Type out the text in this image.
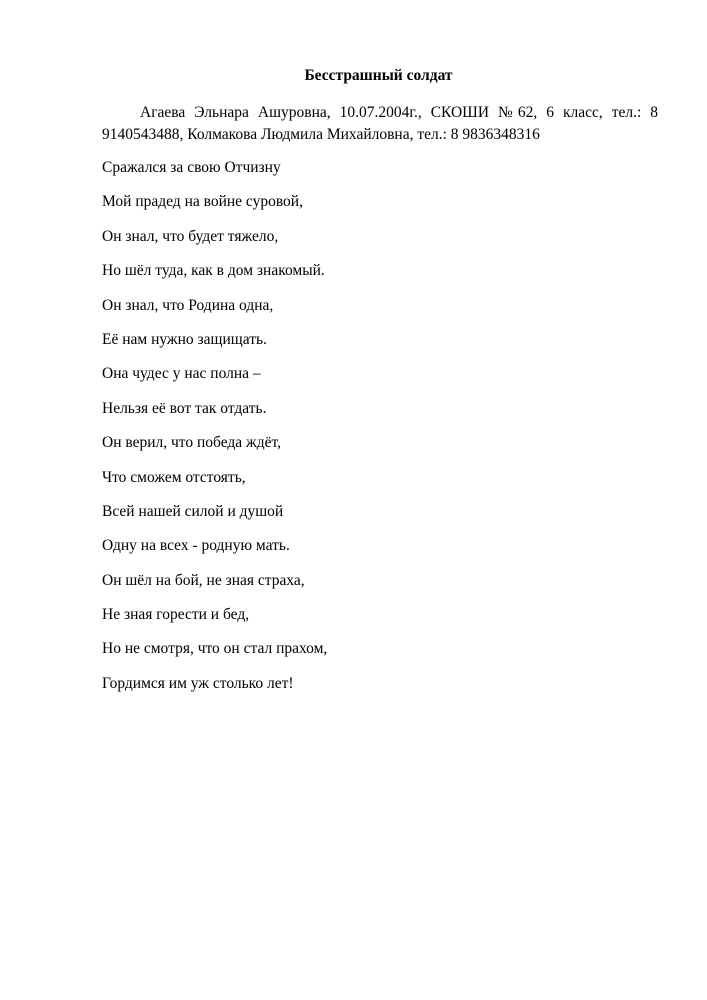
Бесстрашный солдат

Агаева Эльнара Ашуровна, 10.07.2004г., СКОШИ №62, 6 класс, тел.: 8 9140543488, Колмакова Людмила Михайловна, тел.: 8 9836348316

Сражался за свою Отчизну
Мой прадед на войне суровой,
Он знал, что будет тяжело,
Но шёл туда, как в дом знакомый.
Он знал, что Родина одна,
Её нам нужно защищать.
Она чудес у нас полна –
Нельзя её вот так отдать.
Он верил, что победа ждёт,
Что сможем отстоять,
Всей нашей силой и душой
Одну на всех - родную мать.
Он шёл на бой, не зная страха,
Не зная горести и бед,
Но не смотря, что он стал прахом,
Гордимся им уж столько лет!
